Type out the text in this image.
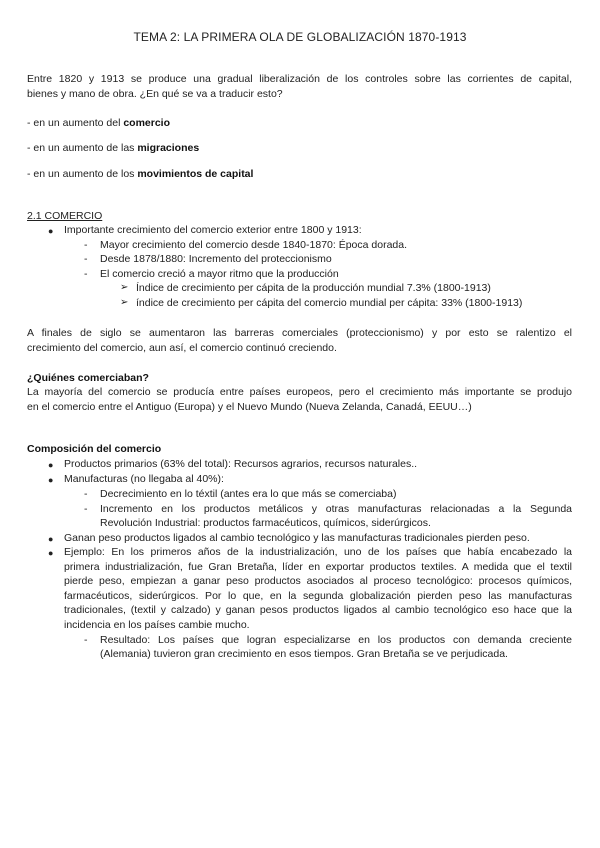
TEMA 2: LA PRIMERA OLA DE GLOBALIZACIÓN 1870-1913
Entre 1820 y 1913 se produce una gradual liberalización de los controles sobre las corrientes de capital,
bienes y mano de obra. ¿En qué se va a traducir esto?
- en un aumento del comercio
- en un aumento de las migraciones
- en un aumento de los movimientos de capital
2.1 COMERCIO
● Importante crecimiento del comercio exterior entre 1800 y 1913:
- Mayor crecimiento del comercio desde 1840-1870: Época dorada.
- Desde 1878/1880: Incremento del proteccionismo
- El comercio creció a mayor ritmo que la producción
➢ Índice de crecimiento per cápita de la producción mundial 7.3% (1800-1913)
➢ índice de crecimiento per cápita del comercio mundial per cápita: 33% (1800-1913)
A finales de siglo se aumentaron las barreras comerciales (proteccionismo) y por esto se ralentizo el
crecimiento del comercio, aun así, el comercio continuó creciendo.
¿Quiénes comerciaban?
La mayoría del comercio se producía entre países europeos, pero el crecimiento más importante se produjo
en el comercio entre el Antiguo (Europa) y el Nuevo Mundo (Nueva Zelanda, Canadá, EEUU…)
Composición del comercio
● Productos primarios (63% del total): Recursos agrarios, recursos naturales..
● Manufacturas (no llegaba al 40%):
- Decrecimiento en lo téxtil (antes era lo que más se comerciaba)
- Incremento en los productos metálicos y otras manufacturas relacionadas a la Segunda
Revolución Industrial: productos farmacéuticos, químicos, siderúrgicos.
● Ganan peso productos ligados al cambio tecnológico y las manufacturas tradicionales pierden peso.
● Ejemplo: En los primeros años de la industrialización, uno de los países que había encabezado la
primera industrialización, fue Gran Bretaña, líder en exportar productos textiles. A medida que el textil
pierde peso, empiezan a ganar peso productos asociados al proceso tecnológico: procesos químicos,
farmacéuticos, siderúrgicos. Por lo que, en la segunda globalización pierden peso las manufacturas
tradicionales, (textil y calzado) y ganan pesos productos ligados al cambio tecnológico eso hace que la
incidencia en los países cambie mucho.
- Resultado: Los países que logran especializarse en los productos con demanda creciente
(Alemania) tuvieron gran crecimiento en esos tiempos. Gran Bretaña se ve perjudicada.
